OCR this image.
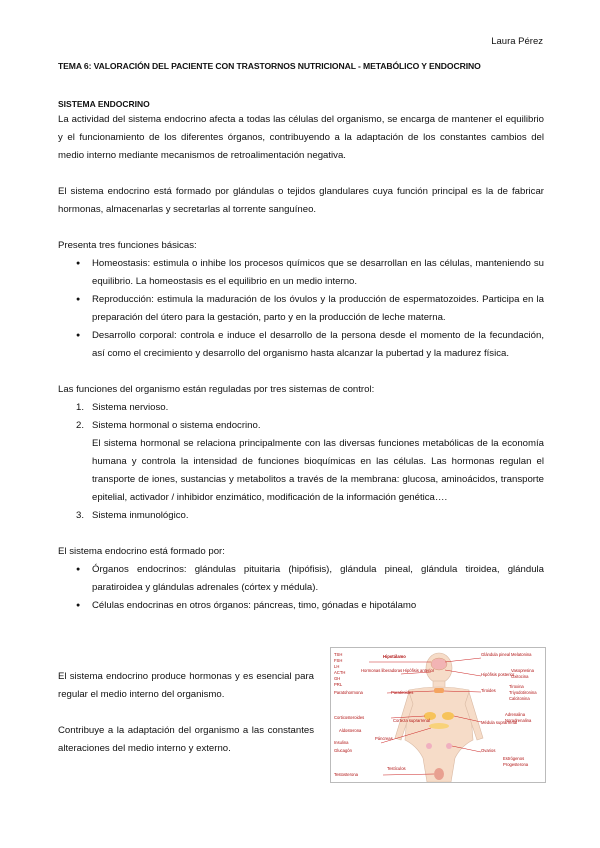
Laura Pérez
TEMA 6: VALORACIÓN DEL PACIENTE CON TRASTORNOS NUTRICIONAL - METABÓLICO Y ENDOCRINO
SISTEMA ENDOCRINO

La actividad del sistema endocrino afecta a todas las células del organismo, se encarga de mantener el equilibrio y el funcionamiento de los diferentes órganos, contribuyendo a la adaptación de los constantes cambios del medio interno mediante mecanismos de retroalimentación negativa.

El sistema endocrino está formado por glándulas o tejidos glandulares cuya función principal es la de fabricar hormonas, almacenarlas y secretarlas al torrente sanguíneo.

Presenta tres funciones básicas:

● Homeostasis: estimula o inhibe los procesos químicos que se desarrollan en las células, manteniendo su equilibrio. La homeostasis es el equilibrio en un medio interno.
● Reproducción: estimula la maduración de los óvulos y la producción de espermatozoides. Participa en la preparación del útero para la gestación, parto y en la producción de leche materna.
● Desarrollo corporal: controla e induce el desarrollo de la persona desde el momento de la fecundación, así como el crecimiento y desarrollo del organismo hasta alcanzar la pubertad y la madurez física.

Las funciones del organismo están reguladas por tres sistemas de control:

1. Sistema nervioso.
2. Sistema hormonal o sistema endocrino.
El sistema hormonal se relaciona principalmente con las diversas funciones metabólicas de la economía humana y controla la intensidad de funciones bioquímicas en las células. Las hormonas regulan el transporte de iones, sustancias y metabolitos a través de la membrana: glucosa, aminoácidos, transporte epitelial, activador / inhibidor enzimático, modificación de la información genética….
3. Sistema inmunológico.

El sistema endocrino está formado por:

● Órganos endocrinos: glándulas pituitaria (hipófisis), glándula pineal, glándula tiroidea, glándula paratiroidea y glándulas adrenales (córtex y médula).
● Células endocrinas en otros órganos: páncreas, timo, gónadas e hipotálamo

El sistema endocrino produce hormonas y es esencial para regular el medio interno del organismo.

Contribuye a la adaptación del organismo a las constantes alteraciones del medio interno y externo.

TSH
FSH
LH
ACTH
GH
PRL
Paratohormona
Corticosteroides
Aldosterona
Insulina
Glucagón
Testosterona
Hipotálamo
Hormonas liberadoras Hipófisis anterior
Paratiroides
Corteza suprarrenal
Páncreas
Testículos
Glándula pineal Melatonina
Hipófisis posterior
Vasopresina
Oxitocina
Tiroides
Tiroxina
Triyodotironina
Calcitonina
Médula suprarrenal
Adrenalina
Noradrenalina
Ovarios
Estrógenos
Progesterona
